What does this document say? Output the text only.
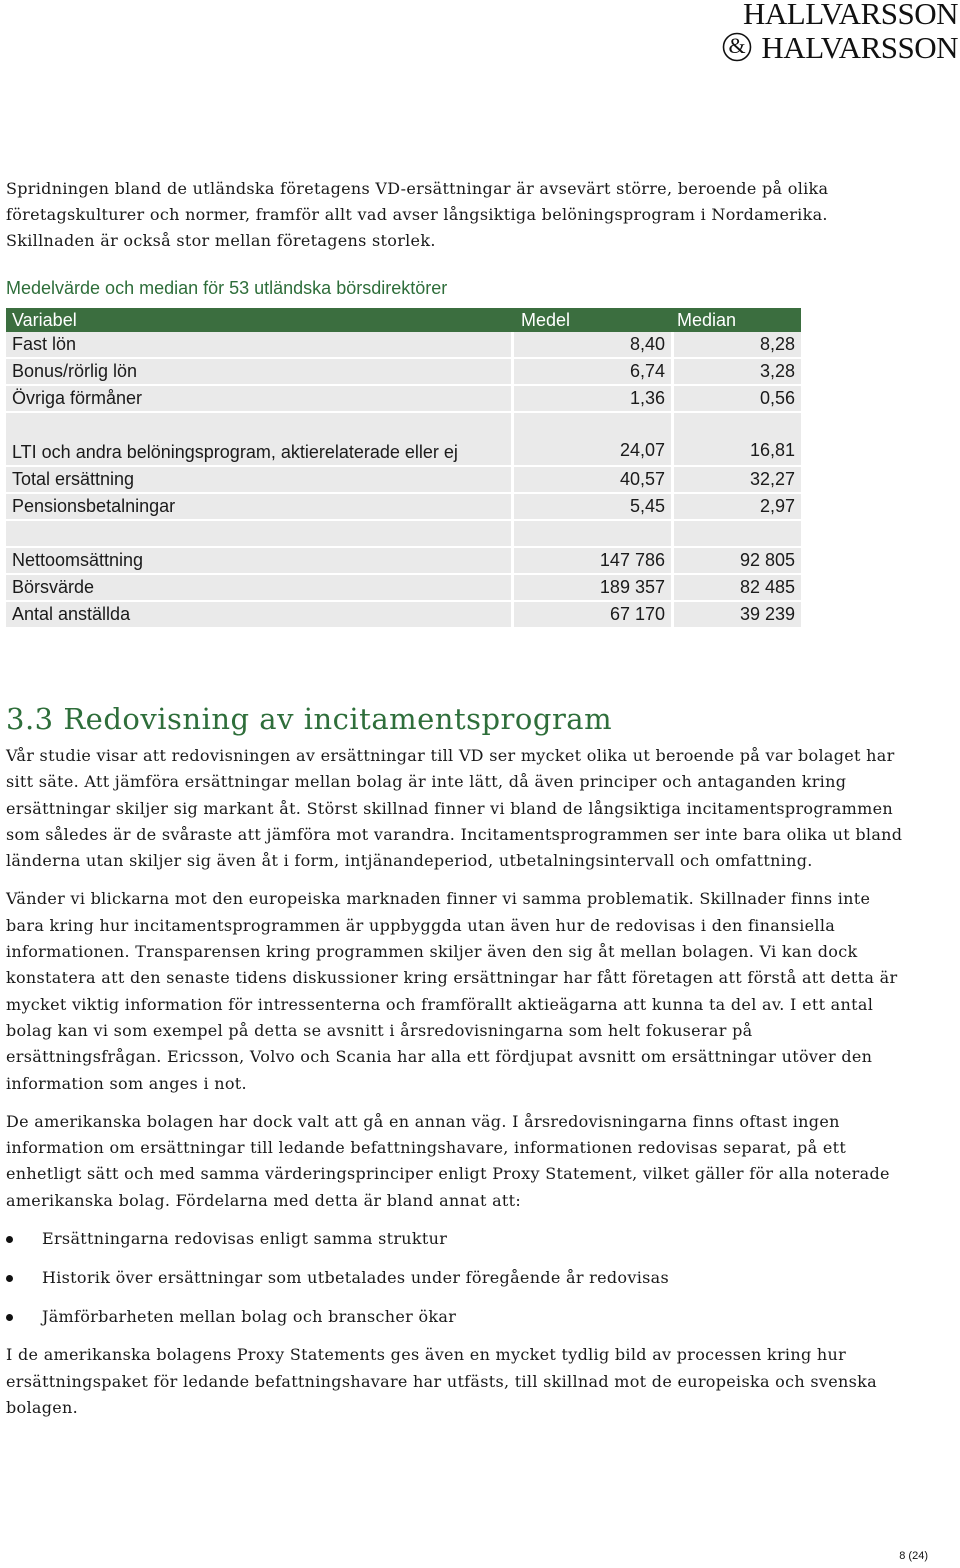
HALLVARSSON
& HALVARSSON

Spridningen bland de utländska företagens VD-ersättningar är avsevärt större, beroende på olika företagskulturer och normer, framför allt vad avser långsiktiga belöningsprogram i Nordamerika. Skillnaden är också stor mellan företagens storlek.

Medelvärde och median för 53 utländska börsdirektörer
Variabel	Medel	Median
Fast lön	8,40	8,28
Bonus/rörlig lön	6,74	3,28
Övriga förmåner	1,36	0,56
LTI och andra belöningsprogram, aktierelaterade eller ej	24,07	16,81
Total ersättning	40,57	32,27
Pensionsbetalningar	5,45	2,97

Nettoomsättning	147 786	92 805
Börsvärde	189 357	82 485
Antal anställda	67 170	39 239
3.3 Redovisning av incitamentsprogram

Vår studie visar att redovisningen av ersättningar till VD ser mycket olika ut beroende på var bolaget har sitt säte. Att jämföra ersättningar mellan bolag är inte lätt, då även principer och antaganden kring ersättningar skiljer sig markant åt. Störst skillnad finner vi bland de långsiktiga incitamentsprogrammen som således är de svåraste att jämföra mot varandra. Incitamentsprogrammen ser inte bara olika ut bland länderna utan skiljer sig även åt i form, intjänandeperiod, utbetalningsintervall och omfattning.

Vänder vi blickarna mot den europeiska marknaden finner vi samma problematik. Skillnader finns inte bara kring hur incitamentsprogrammen är uppbyggda utan även hur de redovisas i den finansiella informationen. Transparensen kring programmen skiljer även den sig åt mellan bolagen. Vi kan dock konstatera att den senaste tidens diskussioner kring ersättningar har fått företagen att förstå att detta är mycket viktig information för intressenterna och framförallt aktieägarna att kunna ta del av. I ett antal bolag kan vi som exempel på detta se avsnitt i årsredovisningarna som helt fokuserar på ersättningsfrågan. Ericsson, Volvo och Scania har alla ett fördjupat avsnitt om ersättningar utöver den information som anges i not.

De amerikanska bolagen har dock valt att gå en annan väg. I årsredovisningarna finns oftast ingen information om ersättningar till ledande befattningshavare, informationen redovisas separat, på ett enhetligt sätt och med samma värderingsprinciper enligt Proxy Statement, vilket gäller för alla noterade amerikanska bolag. Fördelarna med detta är bland annat att:

Ersättningarna redovisas enligt samma struktur
Historik över ersättningar som utbetalades under föregående år redovisas
Jämförbarheten mellan bolag och branscher ökar

I de amerikanska bolagens Proxy Statements ges även en mycket tydlig bild av processen kring hur ersättningspaket för ledande befattningshavare har utfästs, till skillnad mot de europeiska och svenska bolagen.

8 (24)
